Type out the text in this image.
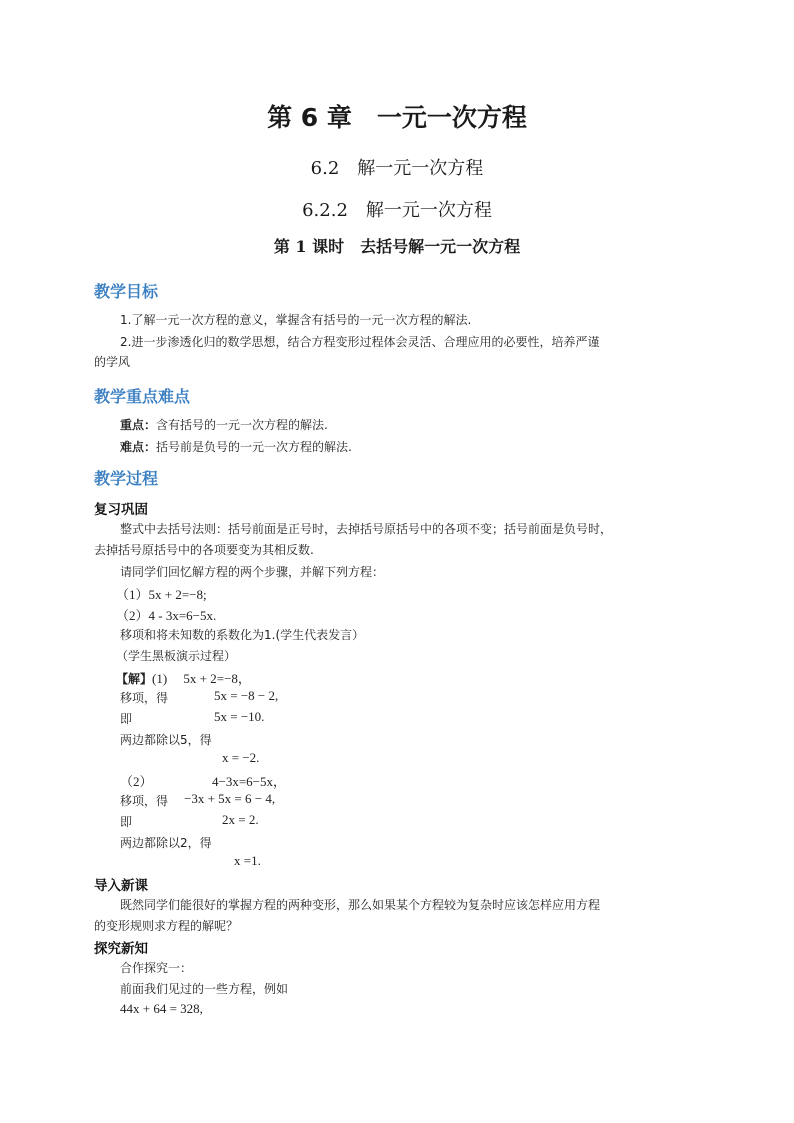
第 6 章　一元一次方程
6.2　解一元一次方程
6.2.2　解一元一次方程
第 1 课时　去括号解一元一次方程
教学目标
1.了解一元一次方程的意义，掌握含有括号的一元一次方程的解法.
2.进一步渗透化归的数学思想，结合方程变形过程体会灵活、合理应用的必要性，培养严谨
的学风
教学重点难点
重点：含有括号的一元一次方程的解法.
难点：括号前是负号的一元一次方程的解法.
教学过程
复习巩固
整式中去括号法则：括号前面是正号时，去掉括号原括号中的各项不变；括号前面是负号时，
去掉括号原括号中的各项要变为其相反数.
请同学们回忆解方程的两个步骤，并解下列方程：
（1）5x + 2=−8;
（2）4 - 3x=6−5x.
移项和将未知数的系数化为1.(学生代表发言）
（学生黑板演示过程）
【解】(1)　 5x + 2=−8，
移项，得	5x = −8 − 2,
即	5x = −10.
两边都除以5，得
x = −2.
（2）	4−3x=6−5x，
移项，得 −3x + 5x = 6 − 4,
即	2x = 2.
两边都除以2，得
x =1.
导入新课
既然同学们能很好的掌握方程的两种变形，那么如果某个方程较为复杂时应该怎样应用方程
的变形规则求方程的解呢？
探究新知
合作探究一：
前面我们见过的一些方程，例如
44x + 64 = 328,
